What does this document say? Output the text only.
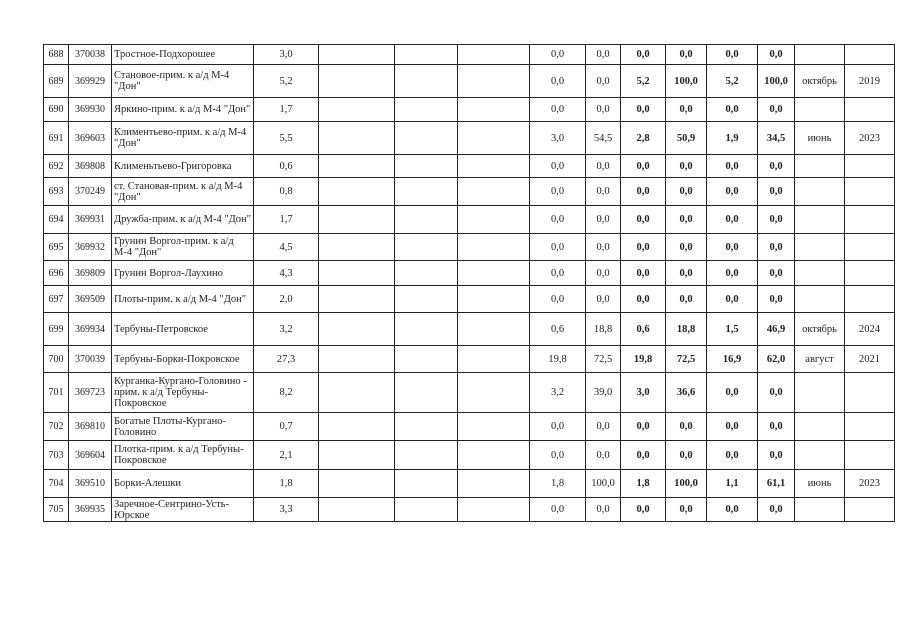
688	370038	Тростное-Подхорошее	3,0				0,0	0,0	0,0	0,0	0,0	0,0		
689	369929	Становое-прим. к а/д М-4 "Дон"	5,2				0,0	0,0	5,2	100,0	5,2	100,0	октябрь	2019
690	369930	Яркино-прим. к а/д М-4 "Дон"	1,7				0,0	0,0	0,0	0,0	0,0	0,0		
691	369603	Климентьево-прим. к а/д М-4 "Дон"	5,5				3,0	54,5	2,8	50,9	1,9	34,5	июнь	2023
692	369808	Клименьтьево-Григоровка	0,6				0,0	0,0	0,0	0,0	0,0	0,0		
693	370249	ст. Становая-прим. к а/д М-4 "Дон"	0,8				0,0	0,0	0,0	0,0	0,0	0,0		
694	369931	Дружба-прим. к а/д М-4 "Дон"	1,7				0,0	0,0	0,0	0,0	0,0	0,0		
695	369932	Грунин Воргол-прим. к а/д М-4 "Дон"	4,5				0,0	0,0	0,0	0,0	0,0	0,0		
696	369809	Грунин Воргол-Лаухино	4,3				0,0	0,0	0,0	0,0	0,0	0,0		
697	369509	Плоты-прим. к а/д М-4 "Дон"	2,0				0,0	0,0	0,0	0,0	0,0	0,0		
699	369934	Тербуны-Петровское	3,2				0,6	18,8	0,6	18,8	1,5	46,9	октябрь	2024
700	370039	Тербуны-Борки-Покровское	27,3				19,8	72,5	19,8	72,5	16,9	62,0	август	2021
701	369723	Курганка-Кургано-Головино - прим. к а/д Тербуны-Покровское	8,2				3,2	39,0	3,0	36,6	0,0	0,0		
702	369810	Богатые Плоты-Кургано-Головино	0,7				0,0	0,0	0,0	0,0	0,0	0,0		
703	369604	Плотка-прим. к а/д Тербуны-Покровское	2,1				0,0	0,0	0,0	0,0	0,0	0,0		
704	369510	Борки-Алешки	1,8				1,8	100,0	1,8	100,0	1,1	61,1	июнь	2023
705	369935	Заречное-Сентрино-Усть-Юрское	3,3				0,0	0,0	0,0	0,0	0,0	0,0		
